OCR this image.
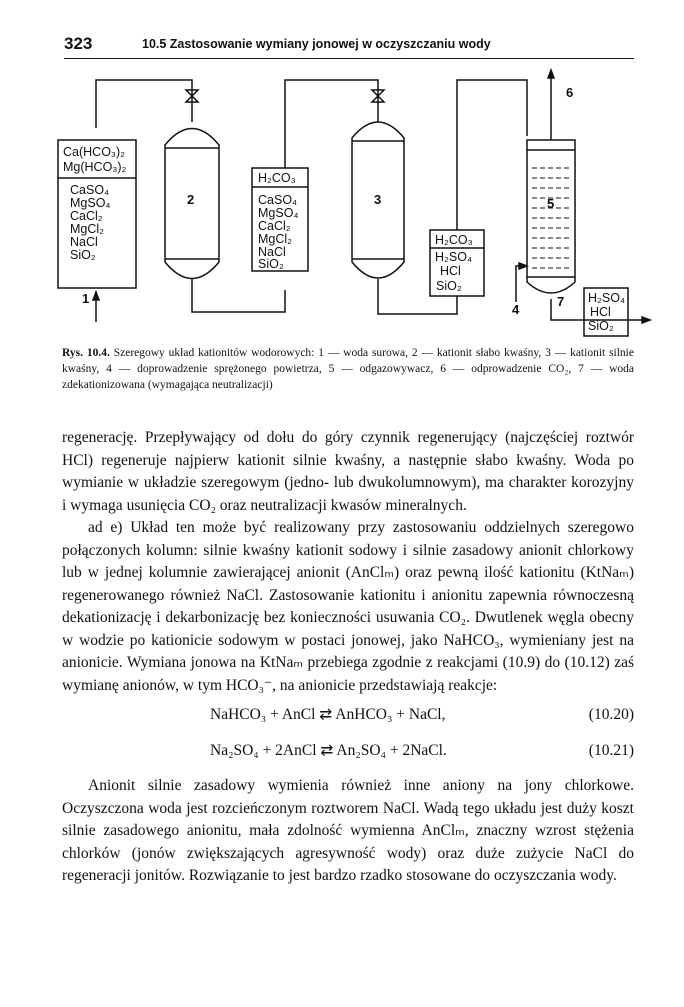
323	10.5 Zastosowanie wymiany jonowej w oczyszczaniu wody
Ca(HCO₃)₂
Mg(HCO₃)₂
CaSO₄
MgSO₄
CaCl₂
MgCl₂
NaCl
SiO₂
H₂CO₃
CaSO₄
MgSO₄
CaCl₂
MgCl₂
NaCl
SiO₂
H₂CO₃
H₂SO₄
HCl
SiO₂
H₂SO₄
HCl
SiO₂
1
2	3
4
5
6
7
Rys. 10.4. Szeregowy układ kationitów wodorowych: 1 — woda surowa, 2 — kationit słabo kwaśny, 3 — kationit silnie kwaśny, 4 — doprowadzenie sprężonego powietrza, 5 — odgazowywacz, 6 — odprowadzenie CO₂, 7 — woda zdekationizowana (wymagająca neutralizacji)

regenerację. Przepływający od dołu do góry czynnik regenerujący (najczęściej roztwór HCl) regeneruje najpierw kationit silnie kwaśny, a następnie słabo kwaśny. Woda po wymianie w układzie szeregowym (jedno- lub dwukolumnowym), ma charakter korozyjny i wymaga usunięcia CO₂ oraz neutralizacji kwasów mineralnych.

ad e) Układ ten może być realizowany przy zastosowaniu oddzielnych szeregowo połączonych kolumn: silnie kwaśny kationit sodowy i silnie zasadowy anionit chlorkowy lub w jednej kolumnie zawierającej anionit (AnClₘ) oraz pewną ilość kationitu (KtNaₘ) regenerowanego również NaCl. Zastosowanie kationitu i anionitu zapewnia równoczesną dekationizację i dekarbonizację bez konieczności usuwania CO₂. Dwutlenek węgla obecny w wodzie po kationicie sodowym w postaci jonowej, jako NaHCO₃, wymieniany jest na anionicie. Wymiana jonowa na KtNaₘ przebiega zgodnie z reakcjami (10.9) do (10.12) zaś wymianę anionów, w tym HCO₃⁻, na anionicie przedstawiają reakcje:

NaHCO₃ + AnCl ⇄ AnHCO₃ + NaCl,	(10.20)
Na₂SO₄ + 2AnCl ⇄ An₂SO₄ + 2NaCl.	(10.21)

Anionit silnie zasadowy wymienia również inne aniony na jony chlorkowe. Oczyszczona woda jest rozcieńczonym roztworem NaCl. Wadą tego układu jest duży koszt silnie zasadowego anionitu, mała zdolność wymienna AnClₘ, znaczny wzrost stężenia chlorków (jonów zwiększających agresywność wody) oraz duże zużycie NaCl do regeneracji jonitów. Rozwiązanie to jest bardzo rzadko stosowane do oczyszczania wody.
